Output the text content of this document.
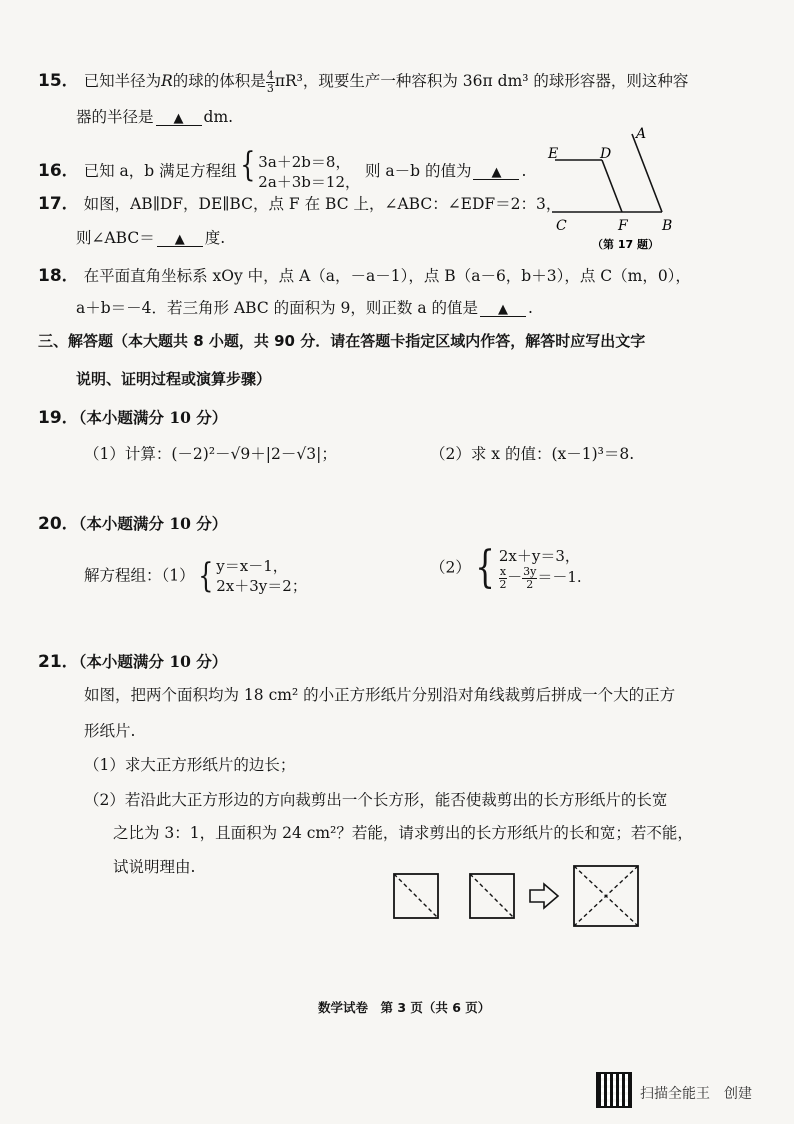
15． 已知半径为R的球的体积是 $\frac{4}{3} \pi R^3$，现要生产一种容积为 36π dm³ 的球形容器，则这种容
器的半径是 ▲ dm.
16． 已知 a，b 满足方程组{ 3a＋2b＝8，
2a＋3b＝12，
则 a－b 的值为 ▲ .
E	D
A
C	F B
（第 17 题）
17． 如图，AB∥DF，DE∥BC，点 F 在 BC 上，∠ABC：∠EDF＝2：3，
则∠ABC＝ ▲ 度.
18． 在平面直角坐标系 xOy 中，点 A（a，－a－1），点 B（a－6，b＋3），点 C（m，0），
a＋b＝－4．若三角形 ABC 的面积为 9，则正数 a 的值是 ▲ .
三、解答题（本大题共 8 小题，共 90 分．请在答题卡指定区域内作答，解答时应写出文字
说明、证明过程或演算步骤）
19．（本小题满分 10 分）
（1）计算：(－2)²－√9＋|2－√3|；	（2）求 x 的值：(x－1)³＝8.
20．（本小题满分 10 分）
解方程组：（1）{ y＝x－1，
2x＋3y＝2；
（2）{ 2x＋y＝3，
$\frac{x}{2} - \frac{3y}{2} =-1$.
21．（本小题满分 10 分）
如图，把两个面积均为 18 cm² 的小正方形纸片分别沿对角线裁剪后拼成一个大的正方
形纸片.
（1）求大正方形纸片的边长；
（2）若沿此大正方形边的方向裁剪出一个长方形，能否使裁剪出的长方形纸片的长宽
之比为 3：1，且面积为 24 cm²？若能，请求剪出的长方形纸片的长和宽；若不能，
试说明理由.
数学试卷　第 3 页（共 6 页）
扫描全能王　创建
